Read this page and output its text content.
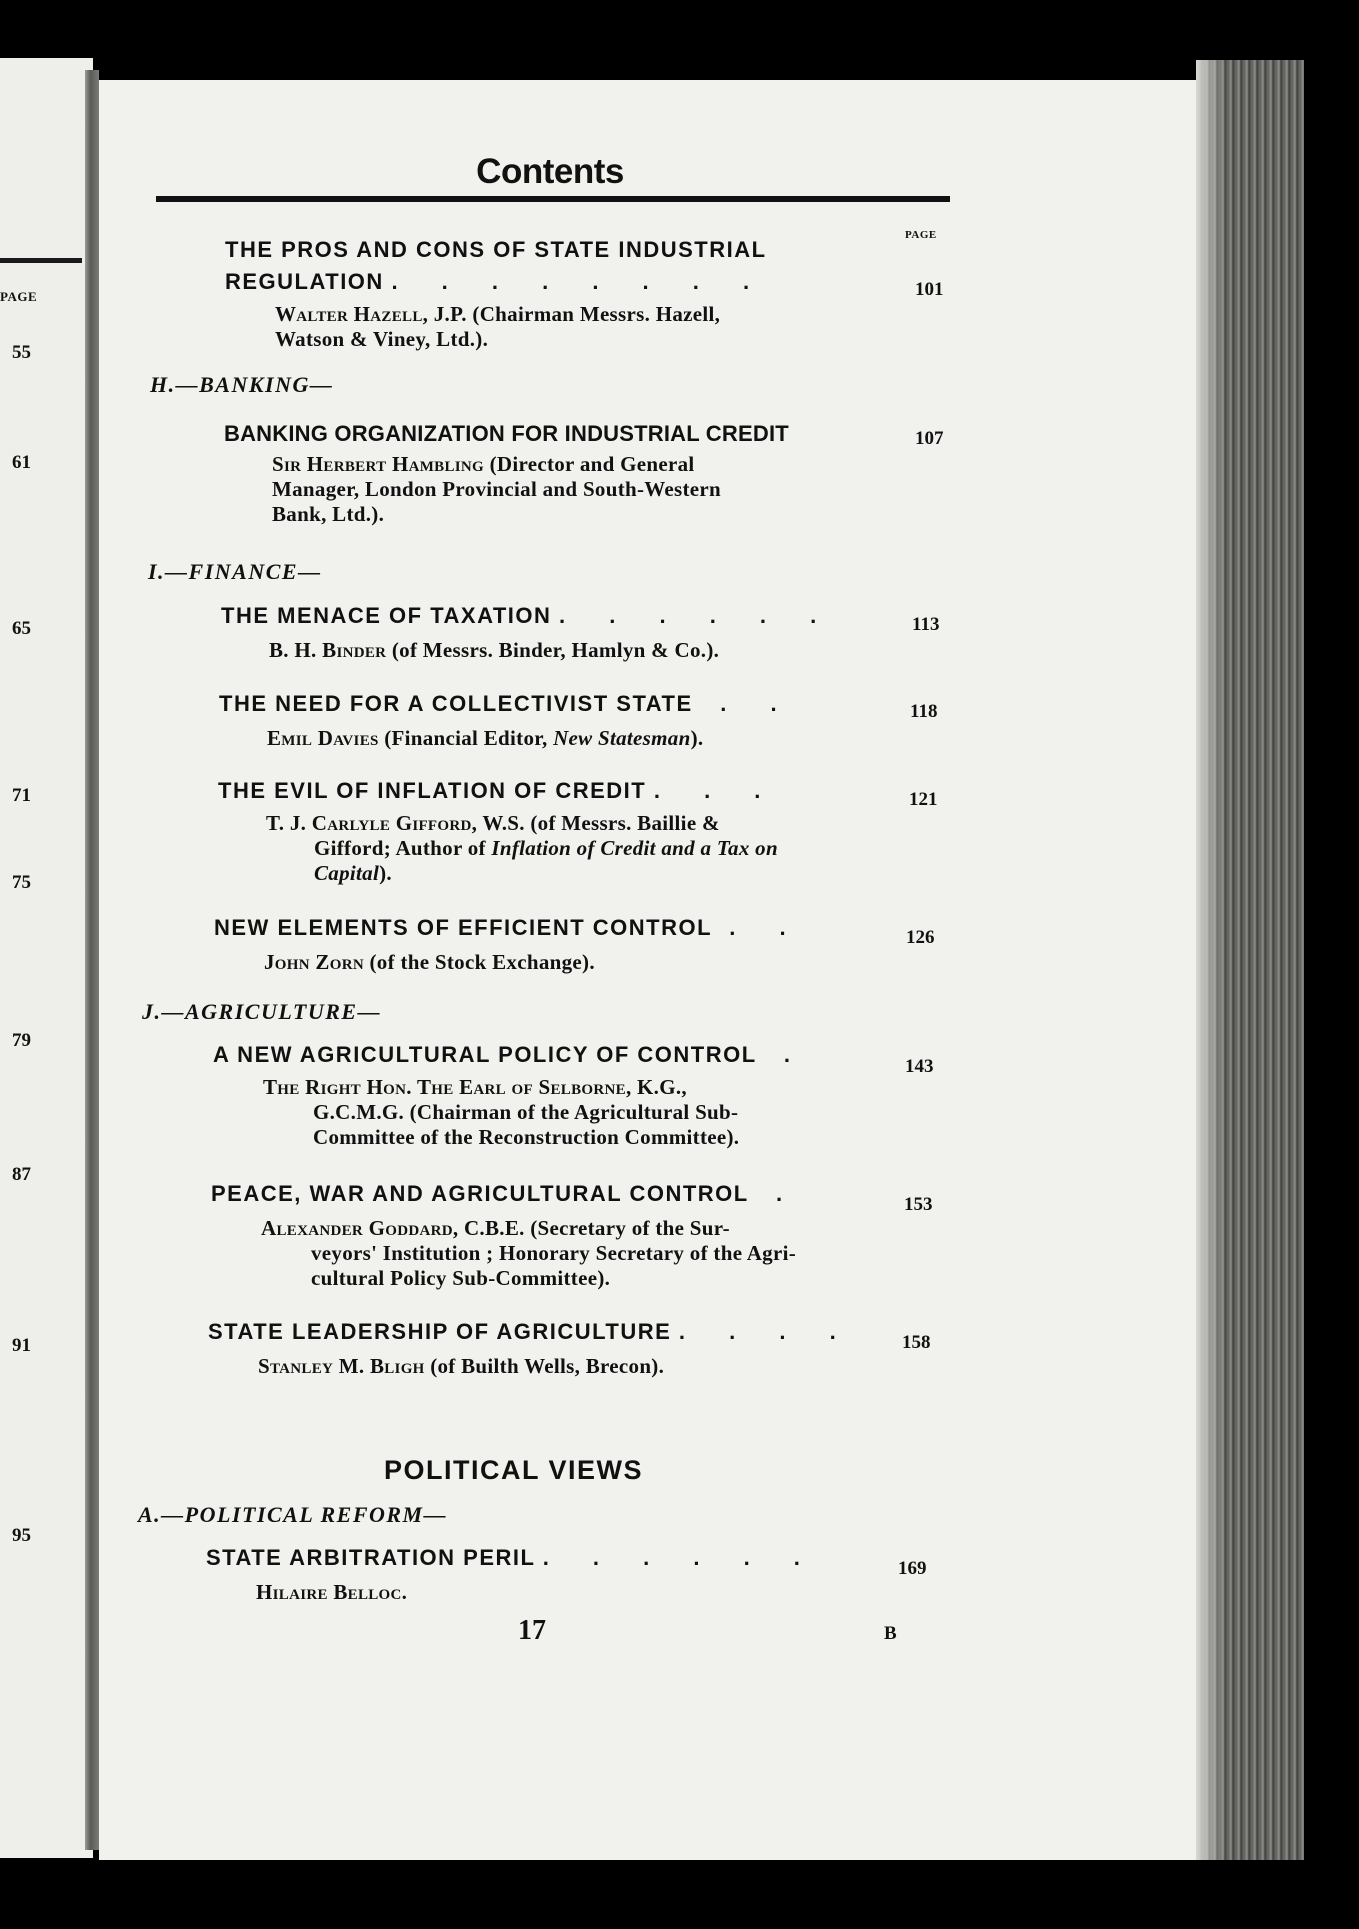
PAGE
55
61
65
71
75
79
87
91
95
Contents
PAGE
THE PROS AND CONS OF STATE INDUSTRIAL
REGULATION . . . . . . . .
Walter Hazell, J.P. (Chairman Messrs. Hazell,
Watson & Viney, Ltd.).
101
H.—BANKING—
BANKING ORGANIZATION FOR INDUSTRIAL CREDIT
Sir Herbert Hambling (Director and General
Manager, London Provincial and South-Western
Bank, Ltd.).
107
I.—FINANCE—
THE MENACE OF TAXATION . . . . . .
B. H. Binder (of Messrs. Binder, Hamlyn & Co.).
113
THE NEED FOR A COLLECTIVIST STATE . .
Emil Davies (Financial Editor, New Statesman).
118
THE EVIL OF INFLATION OF CREDIT . . .
T. J. Carlyle Gifford, W.S. (of Messrs. Baillie &
Gifford; Author of Inflation of Credit and a Tax on
Capital).
121
NEW ELEMENTS OF EFFICIENT CONTROL . .
John Zorn (of the Stock Exchange).
126
J.—AGRICULTURE—
A NEW AGRICULTURAL POLICY OF CONTROL .
The Right Hon. The Earl of Selborne, K.G.,
G.C.M.G. (Chairman of the Agricultural Sub-
Committee of the Reconstruction Committee).
143
PEACE, WAR AND AGRICULTURAL CONTROL .
Alexander Goddard, C.B.E. (Secretary of the Sur-
veyors' Institution ; Honorary Secretary of the Agri-
cultural Policy Sub-Committee).
153
STATE LEADERSHIP OF AGRICULTURE . . . .
Stanley M. Bligh (of Builth Wells, Brecon).
158
POLITICAL VIEWS
A.—POLITICAL REFORM—
STATE ARBITRATION PERIL . . . . . .
Hilaire Belloc.
169
17	B
